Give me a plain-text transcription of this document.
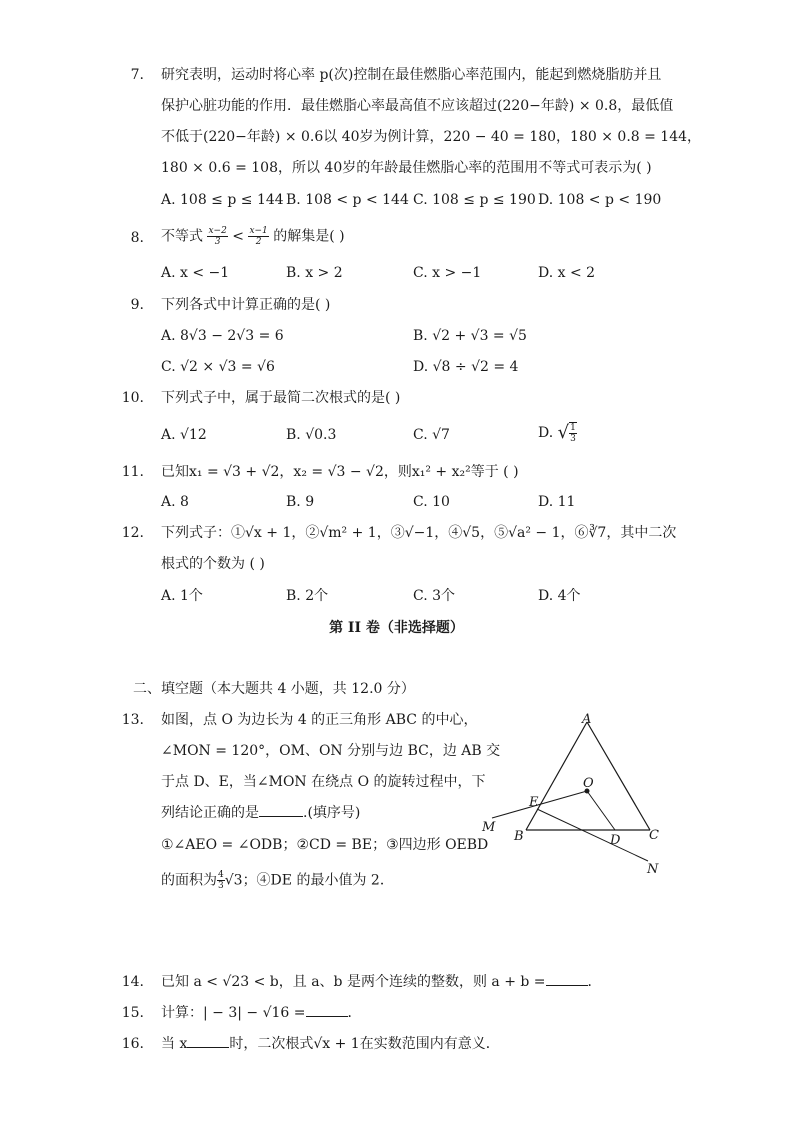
7. 研究表明，运动时将心率 p(次)控制在最佳燃脂心率范围内，能起到燃烧脂肪并且
保护心脏功能的作用．最佳燃脂心率最高值不应该超过(220−年龄) × 0.8，最低值
不低于(220−年龄) × 0.6以 40岁为例计算，220 − 40 = 180，180 × 0.8 = 144，
180 × 0.6 = 108，所以 40岁的年龄最佳燃脂心率的范围用不等式可表示为( )
A. 108 ≤ p ≤ 144 B. 108 < p < 144 C. 108 ≤ p ≤ 190 D. 108 < p < 190
8. 不等式 $\frac{x-2}{3} < \frac{x-1}{2}$ 的解集是( )
A. x < −1	B. x > 2	C. x > −1	D. x < 2
9. 下列各式中计算正确的是( )
A. 8√3 − 2√3 = 6	B. √2 + √3 = √5
C. √2 × √3 = √6	D. √8 ÷ √2 = 4
10. 下列式子中，属于最简二次根式的是( )
A. √12	B. √0.3	C. √7	D. √ $\frac{1}{3}$
11. 已知x₁ = √3 + √2，x₂ = √3 − √2，则x₁² + x₂²等于 ( )
A. 8	B. 9	C. 10	D. 11
12. 下列式子：①√x + 1，②√m² + 1，③√−1，④√5，⑤√a² − 1，⑥∛7，其中二次
根式的个数为 ( )
A. 1个	B. 2个	C. 3个	D. 4个
第 II 卷（非选择题）
二、填空题（本大题共 4 小题，共 12.0 分）
13. 如图，点 O 为边长为 4 的正三角形 ABC 的中心，
∠MON = 120°，OM、ON 分别与边 BC，边 AB 交
于点 D、E，当∠MON 在绕点 O 的旋转过程中，下
列结论正确的是	.(填序号)
①∠AEO = ∠ODB；②CD = BE；③四边形 OEBD
的面积为 $\frac{4}{3} √3$；④DE 的最小值为 2．
A
B	C
O
E
D
M
N
14. 已知 a < √23 < b，且 a、b 是两个连续的整数，则 a + b =	．
15. 计算：| − 3| − √16 =	．
16. 当 x	时，二次根式√x + 1在实数范围内有意义．
